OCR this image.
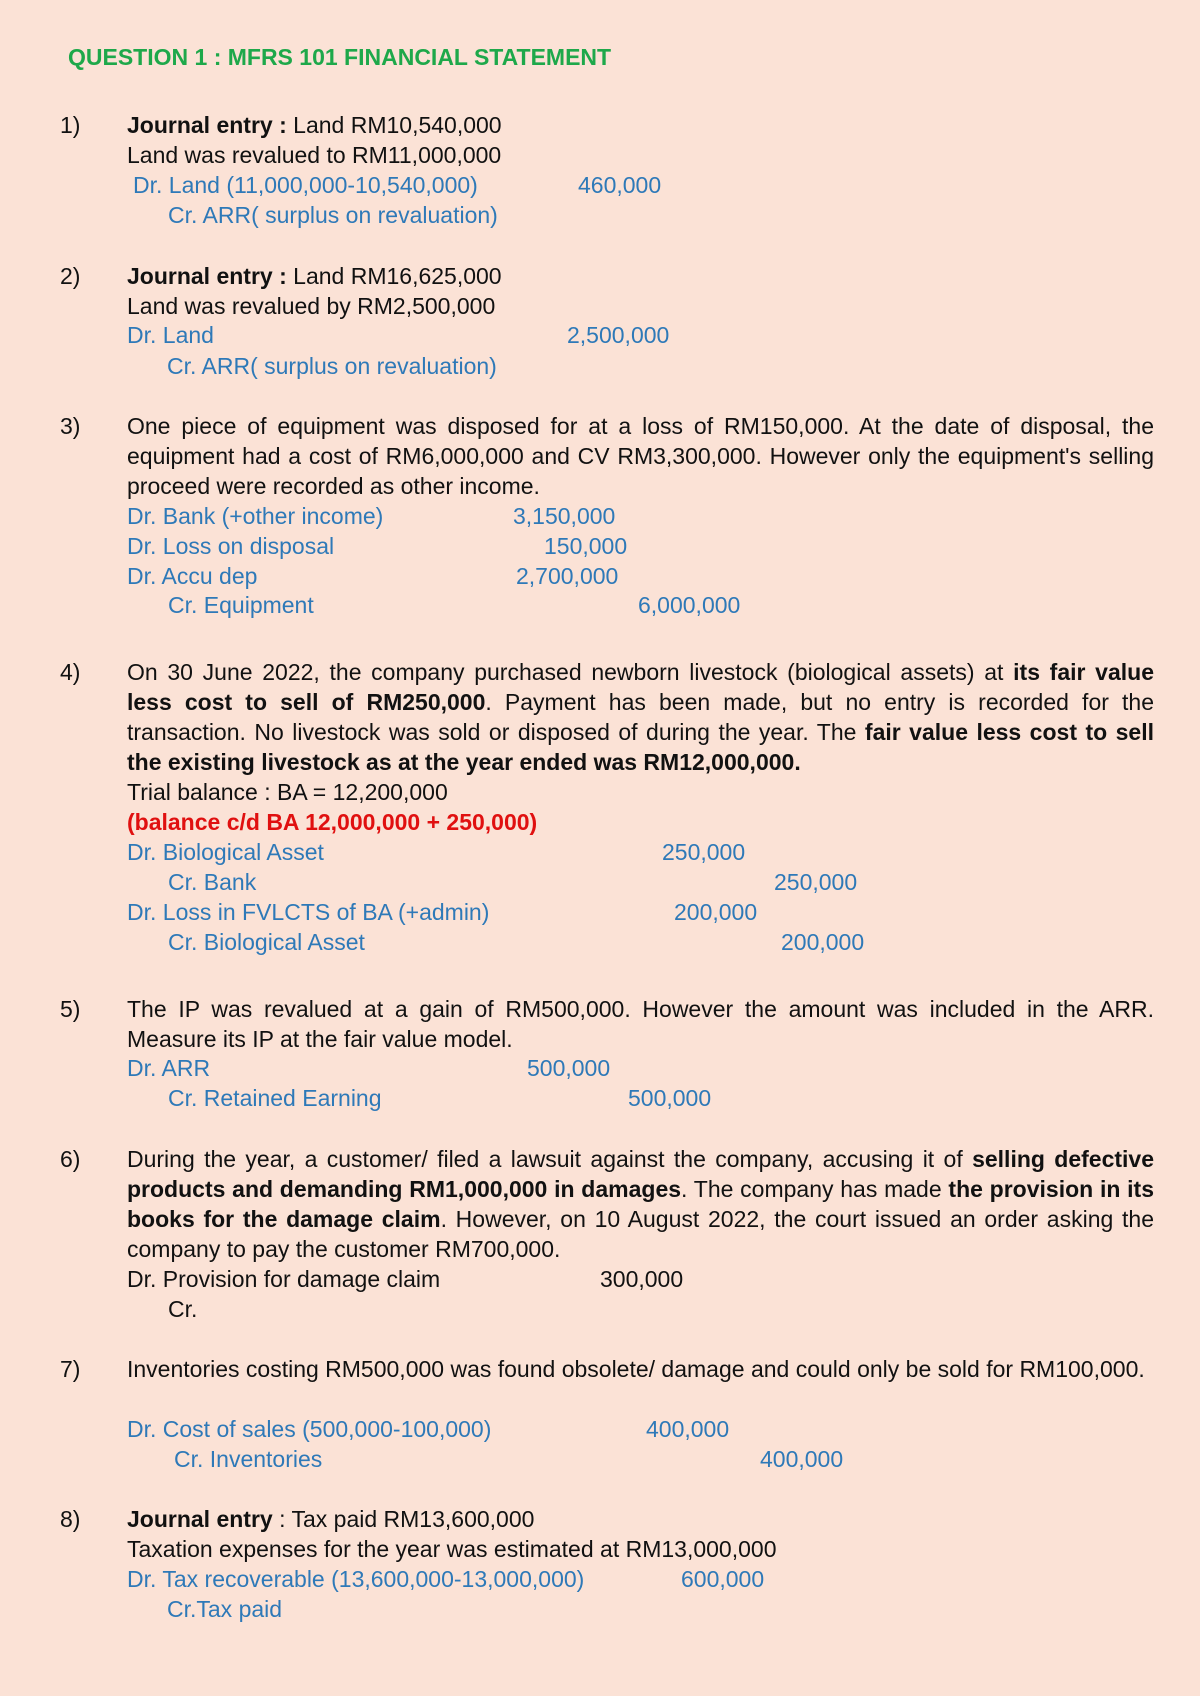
QUESTION 1 : MFRS 101 FINANCIAL STATEMENT
1) Journal entry : Land RM10,540,000
Land was revalued to RM11,000,000
Dr. Land (11,000,000-10,540,000)	460,000
Cr. ARR( surplus on revaluation)
2) Journal entry : Land RM16,625,000
Land was revalued by RM2,500,000
Dr. Land	2,500,000
Cr. ARR( surplus on revaluation)
3) One piece of equipment was disposed for at a loss of RM150,000. At the date of disposal, the equipment had a cost of RM6,000,000 and CV RM3,300,000. However only the equipment's selling proceed were recorded as other income.
Dr. Bank (+other income)	3,150,000
Dr. Loss on disposal	150,000
Dr. Accu dep	2,700,000
Cr. Equipment	6,000,000
4) On 30 June 2022, the company purchased newborn livestock (biological assets) at its fair value less cost to sell of RM250,000. Payment has been made, but no entry is recorded for the transaction. No livestock was sold or disposed of during the year. The fair value less cost to sell the existing livestock as at the year ended was RM12,000,000.
Trial balance : BA = 12,200,000
(balance c/d BA 12,000,000 + 250,000)
Dr. Biological Asset	250,000
Cr. Bank	250,000
Dr. Loss in FVLCTS of BA (+admin)	200,000
Cr. Biological Asset	200,000
5) The IP was revalued at a gain of RM500,000. However the amount was included in the ARR. Measure its IP at the fair value model.
Dr. ARR	500,000
Cr. Retained Earning	500,000
6) During the year, a customer/ filed a lawsuit against the company, accusing it of selling defective products and demanding RM1,000,000 in damages. The company has made the provision in its books for the damage claim. However, on 10 August 2022, the court issued an order asking the company to pay the customer RM700,000.
Dr. Provision for damage claim	300,000
Cr.
7) Inventories costing RM500,000 was found obsolete/ damage and could only be sold for RM100,000.
Dr. Cost of sales (500,000-100,000)	400,000
Cr. Inventories	400,000
8) Journal entry : Tax paid RM13,600,000
Taxation expenses for the year was estimated at RM13,000,000
Dr. Tax recoverable (13,600,000-13,000,000)	600,000
Cr.Tax paid
